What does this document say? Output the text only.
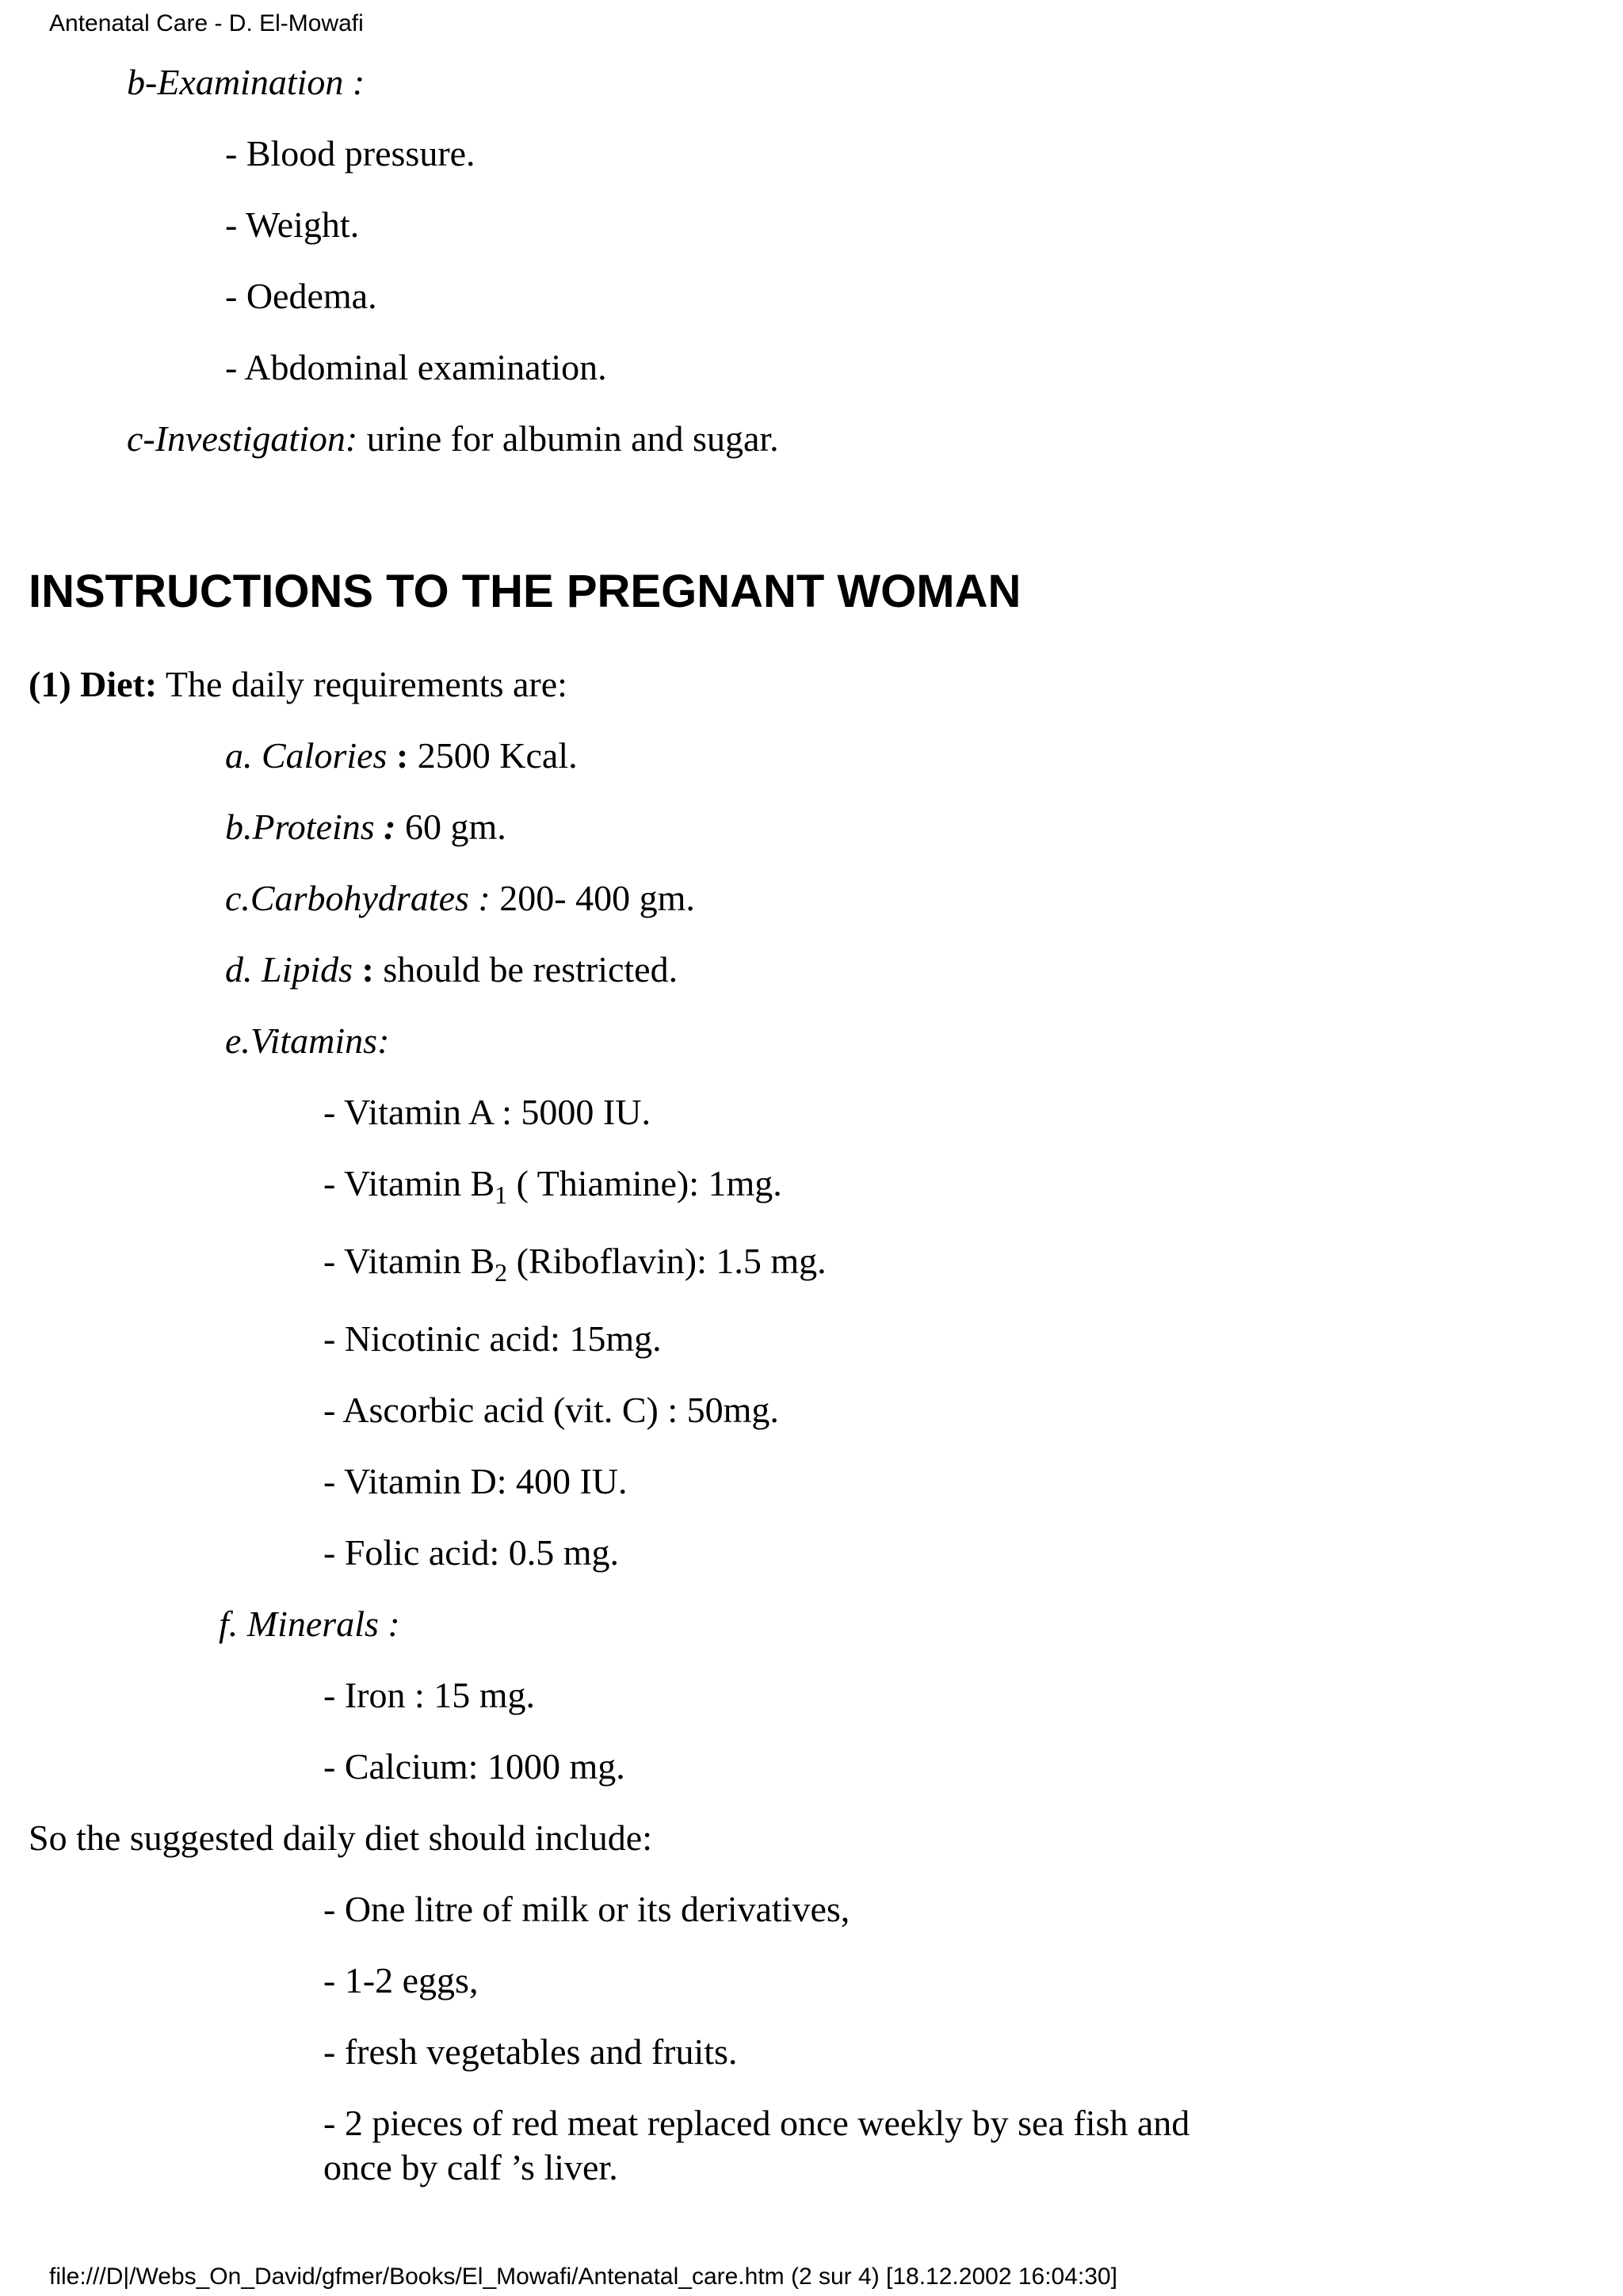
Antenatal Care - D. El-Mowafi
b-Examination :
- Blood pressure.
- Weight.
- Oedema.
- Abdominal examination.
c-Investigation: urine for albumin and sugar.
INSTRUCTIONS TO THE PREGNANT WOMAN
(1) Diet: The daily requirements are:
a. Calories : 2500 Kcal.
b.Proteins : 60 gm.
c.Carbohydrates : 200- 400 gm.
d. Lipids : should be restricted.
e.Vitamins:
- Vitamin A : 5000 IU.
- Vitamin $B_1$ ( Thiamine): 1mg.
- Vitamin $B_2$ (Riboflavin): 1.5 mg.
- Nicotinic acid: 15mg.
- Ascorbic acid (vit. C) : 50mg.
- Vitamin D: 400 IU.
- Folic acid: 0.5 mg.
f. Minerals :
- Iron : 15 mg.
- Calcium: 1000 mg.
So the suggested daily diet should include:
- One litre of milk or its derivatives,
- 1-2 eggs,
- fresh vegetables and fruits.
- 2 pieces of red meat replaced once weekly by sea fish and
once by calf ’s liver.
file:///D|/Webs_On_David/gfmer/Books/El_Mowafi/Antenatal_care.htm (2 sur 4) [18.12.2002 16:04:30]
